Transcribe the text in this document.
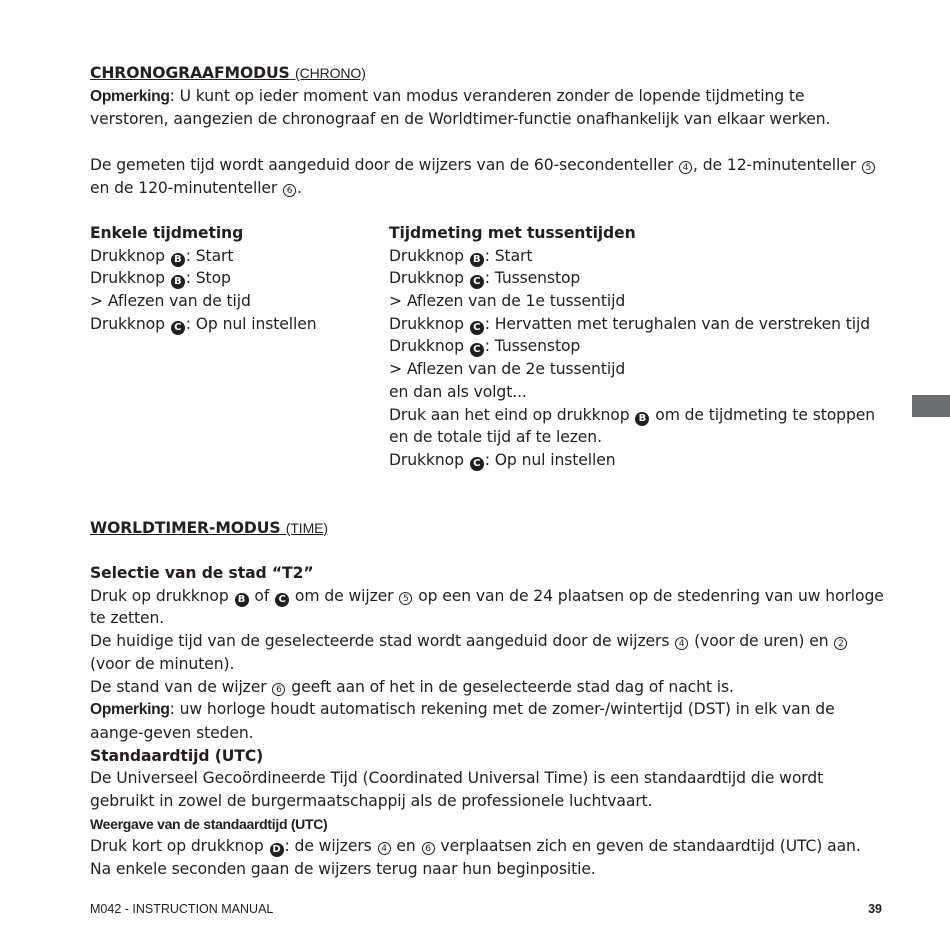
CHRONOGRAAFMODUS (CHRONO)

Opmerking: U kunt op ieder moment van modus veranderen zonder de lopende tijdmeting te verstoren, aangezien de chronograaf en de Worldtimer-functie onafhankelijk van elkaar werken.

De gemeten tijd wordt aangeduid door de wijzers van de 60-secondenteller 4 , de 12-minutenteller 5 en de 120-minutenteller 6 .

Enkele tijdmeting

Drukknop B : Start

Drukknop B : Stop

> Aflezen van de tijd

Drukknop C : Op nul instellen

Tijdmeting met tussentijden

Drukknop B : Start

Drukknop C : Tussenstop

> Aflezen van de 1e tussentijd

Drukknop C : Hervatten met terughalen van de verstreken tijd

Drukknop C : Tussenstop

> Aflezen van de 2e tussentijd

en dan als volgt...

Druk aan het eind op drukknop B om de tijdmeting te stoppen en de totale tijd af te lezen.

Drukknop C : Op nul instellen

WORLDTIMER-MODUS (TIME)

Selectie van de stad “T2”

Druk op drukknop B of C om de wijzer 5 op een van de 24 plaatsen op de stedenring van uw horloge te zetten.

De huidige tijd van de geselecteerde stad wordt aangeduid door de wijzers 4 (voor de uren) en 2 (voor de minuten).

De stand van de wijzer 6 geeft aan of het in de geselecteerde stad dag of nacht is.

Opmerking: uw horloge houdt automatisch rekening met de zomer-/wintertijd (DST) in elk van de aange-geven steden.

Standaardtijd (UTC)

De Universeel Gecoördineerde Tijd (Coordinated Universal Time) is een standaardtijd die wordt gebruikt in zowel de burgermaatschappij als de professionele luchtvaart.

Weergave van de standaardtijd (UTC)

Druk kort op drukknop D : de wijzers 4 en 6 verplaatsen zich en geven de standaardtijd (UTC) aan. Na enkele seconden gaan de wijzers terug naar hun beginpositie.

M042 - INSTRUCTION MANUAL	39
